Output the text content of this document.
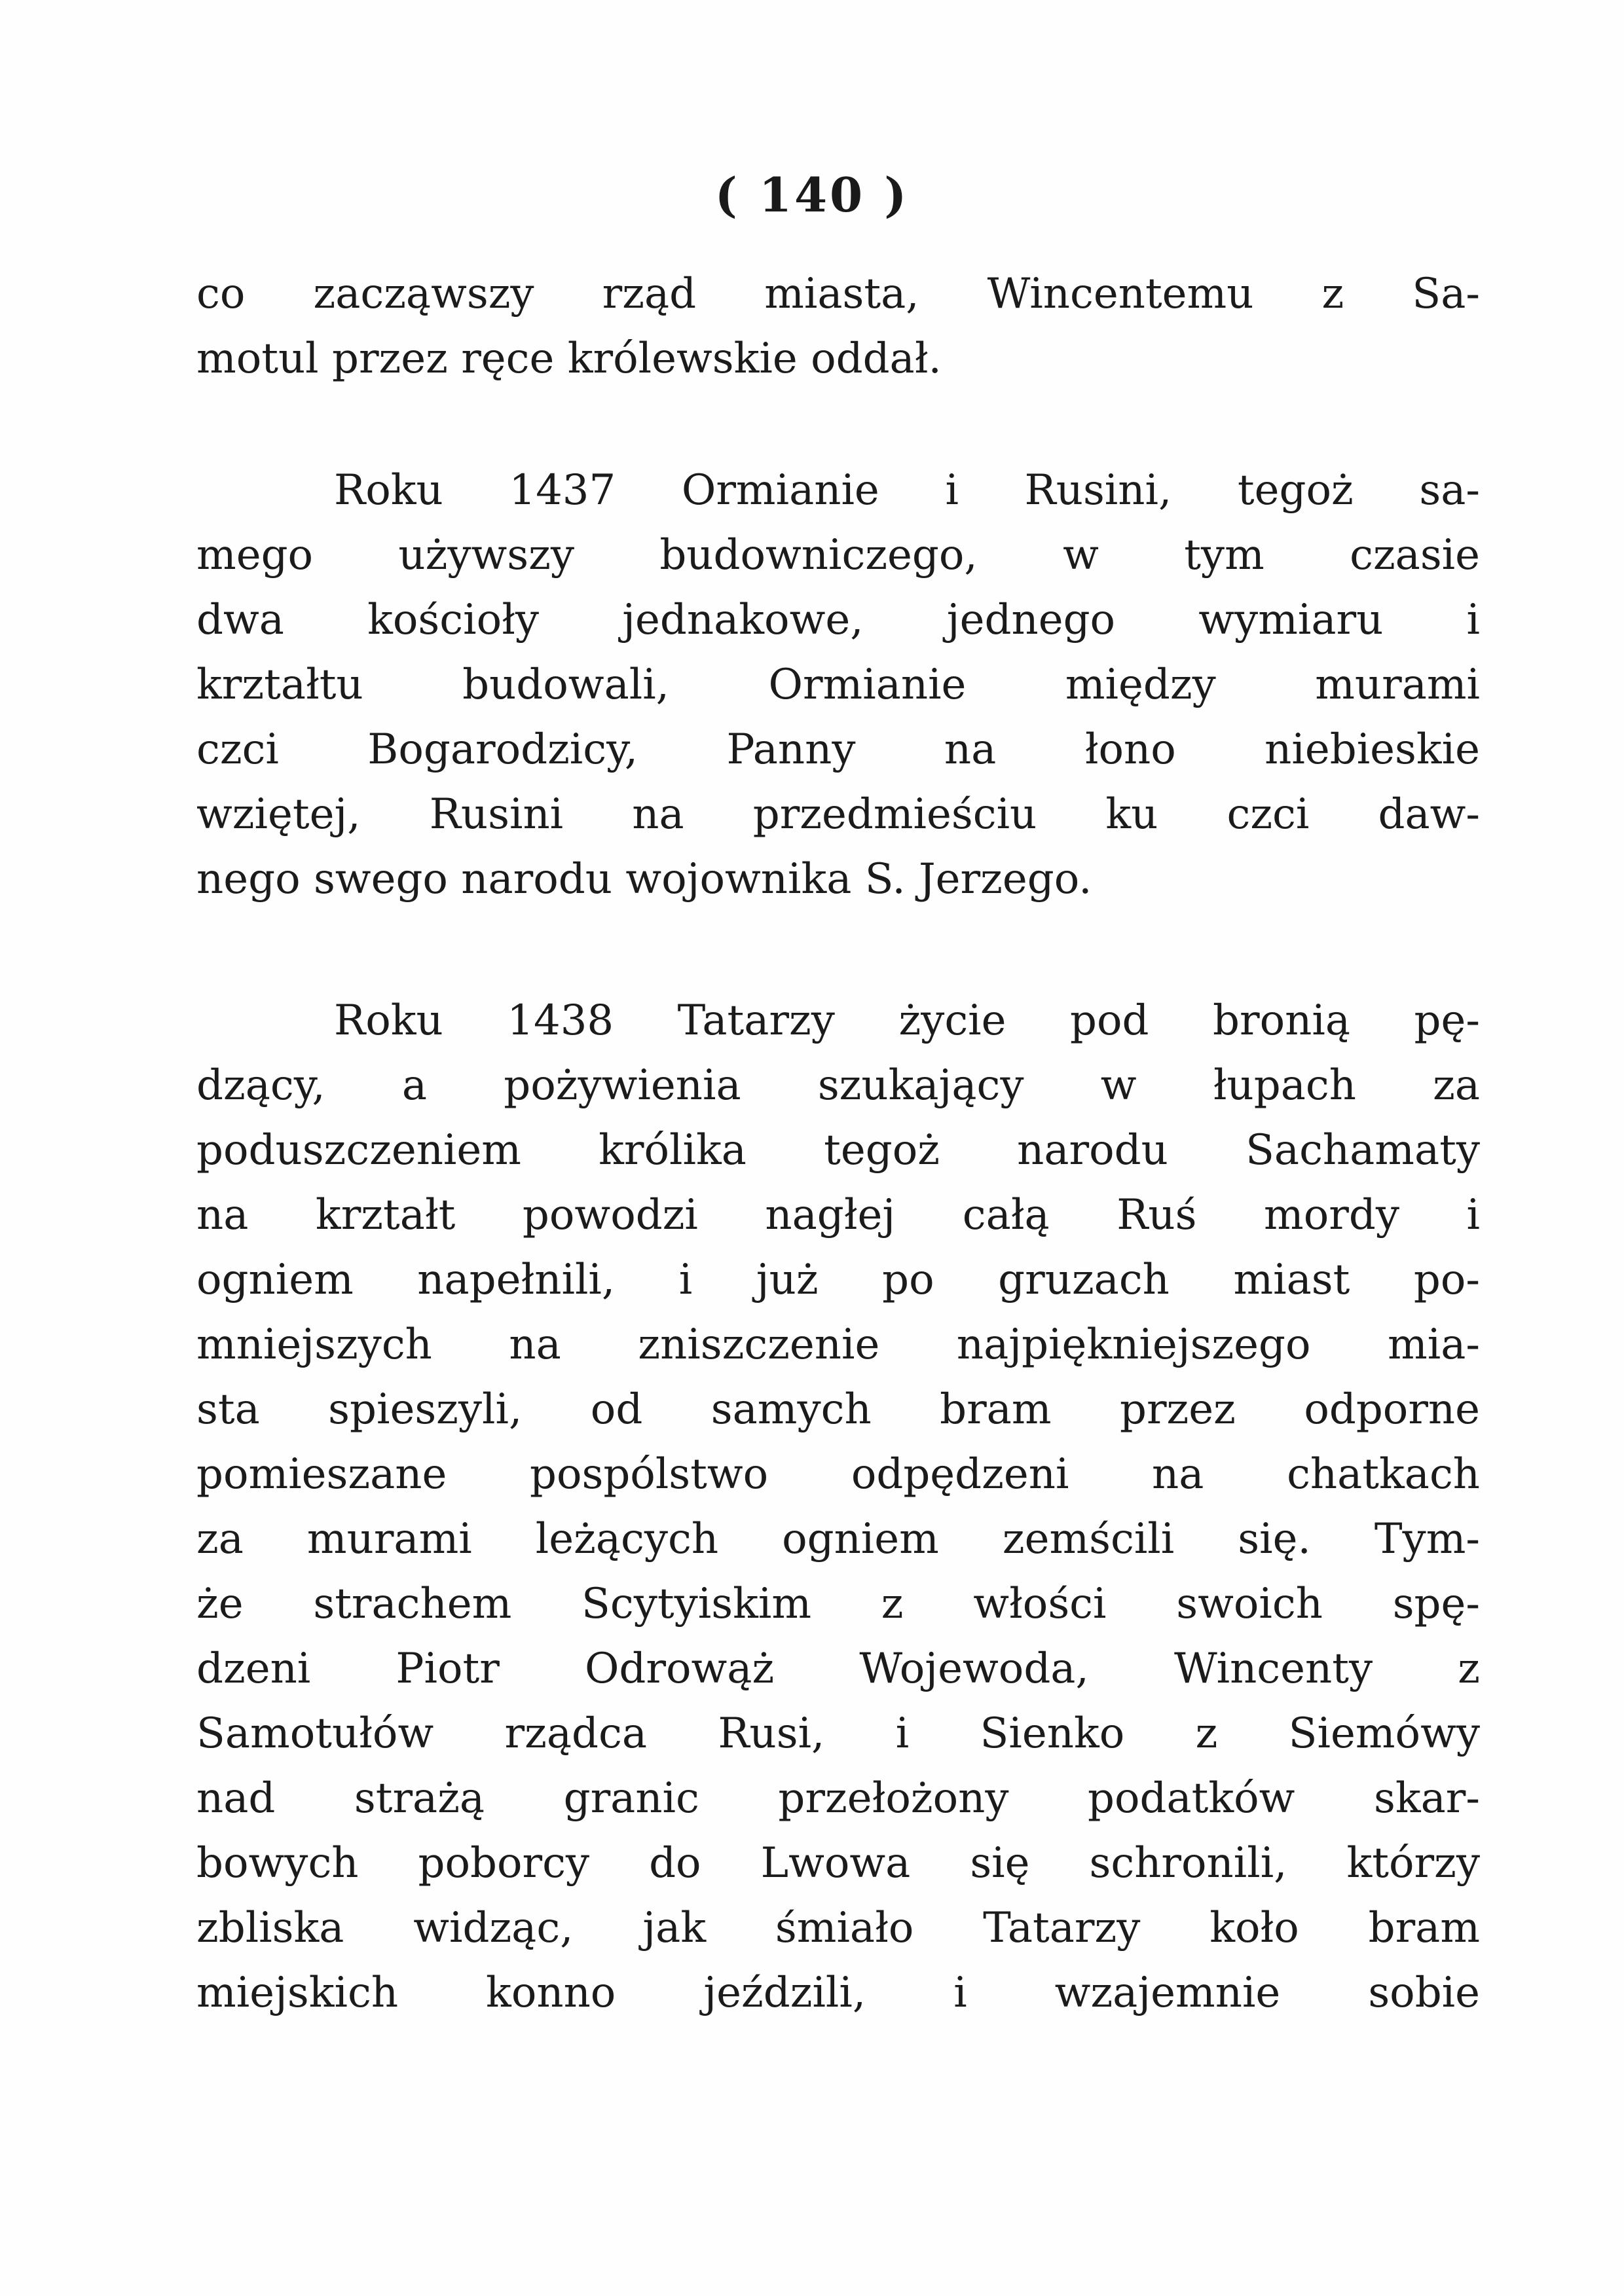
( 140 )
co zacząwszy rząd miasta, Wincentemu z Sa-
motul przez ręce królewskie oddał.
Roku 1437 Ormianie i Rusini, tegoż sa-
mego używszy budowniczego, w tym czasie
dwa kościoły jednakowe, jednego wymiaru i
krztałtu budowali, Ormianie między murami
czci Bogarodzicy, Panny na łono niebieskie
wziętej, Rusini na przedmieściu ku czci daw-
nego swego narodu wojownika S. Jerzego.
Roku 1438 Tatarzy życie pod bronią pę-
dzący, a pożywienia szukający w łupach za
poduszczeniem królika tegoż narodu Sachamaty
na krztałt powodzi nagłej całą Ruś mordy i
ogniem napełnili, i już po gruzach miast po-
mniejszych na zniszczenie najpiękniejszego mia-
sta spieszyli, od samych bram przez odporne
pomieszane pospólstwo odpędzeni na chatkach
za murami leżących ogniem zemścili się. Tym-
że strachem Scytyiskim z włości swoich spę-
dzeni Piotr Odrowąż Wojewoda, Wincenty z
Samotułów rządca Rusi, i Sienko z Siemówy
nad strażą granic przełożony podatków skar-
bowych poborcy do Lwowa się schronili, którzy
zbliska widząc, jak śmiało Tatarzy koło bram
miejskich konno jeździli, i wzajemnie sobie
